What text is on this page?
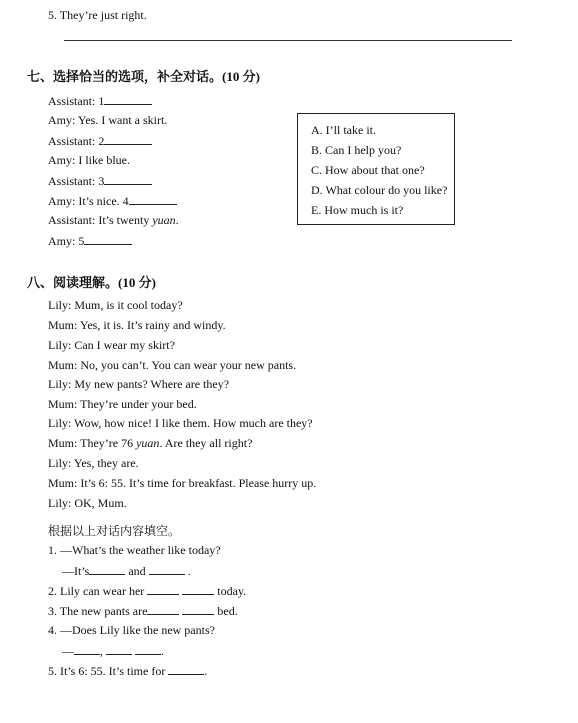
5. They’re just right.
七、选择恰当的选项，补全对话。(10 分)
Assistant: 1
Amy: Yes. I want a skirt.
Assistant: 2
Amy: I like blue.
Assistant: 3
Amy: It’s nice. 4
Assistant: It’s twenty yuan.
Amy: 5
A. I’ll take it.
B. Can I help you?
C. How about that one?
D. What colour do you like?
E. How much is it?
八、阅读理解。(10 分)
Lily: Mum, is it cool today?
Mum: Yes, it is. It’s rainy and windy.
Lily: Can I wear my skirt?
Mum: No, you can’t. You can wear your new pants.
Lily: My new pants? Where are they?
Mum: They’re under your bed.
Lily: Wow, how nice! I like them. How much are they?
Mum: They’re 76 yuan. Are they all right?
Lily: Yes, they are.
Mum: It’s 6: 55. It’s time for breakfast. Please hurry up.
Lily: OK, Mum.
根据以上对话内容填空。
1. —What’s the weather like today?
—It’s	and	.
2. Lily can wear her	today.
3. The new pants are	bed.
4. —Does Lily like the new pants?
— ,	.
5. It’s 6: 55. It’s time for	.
